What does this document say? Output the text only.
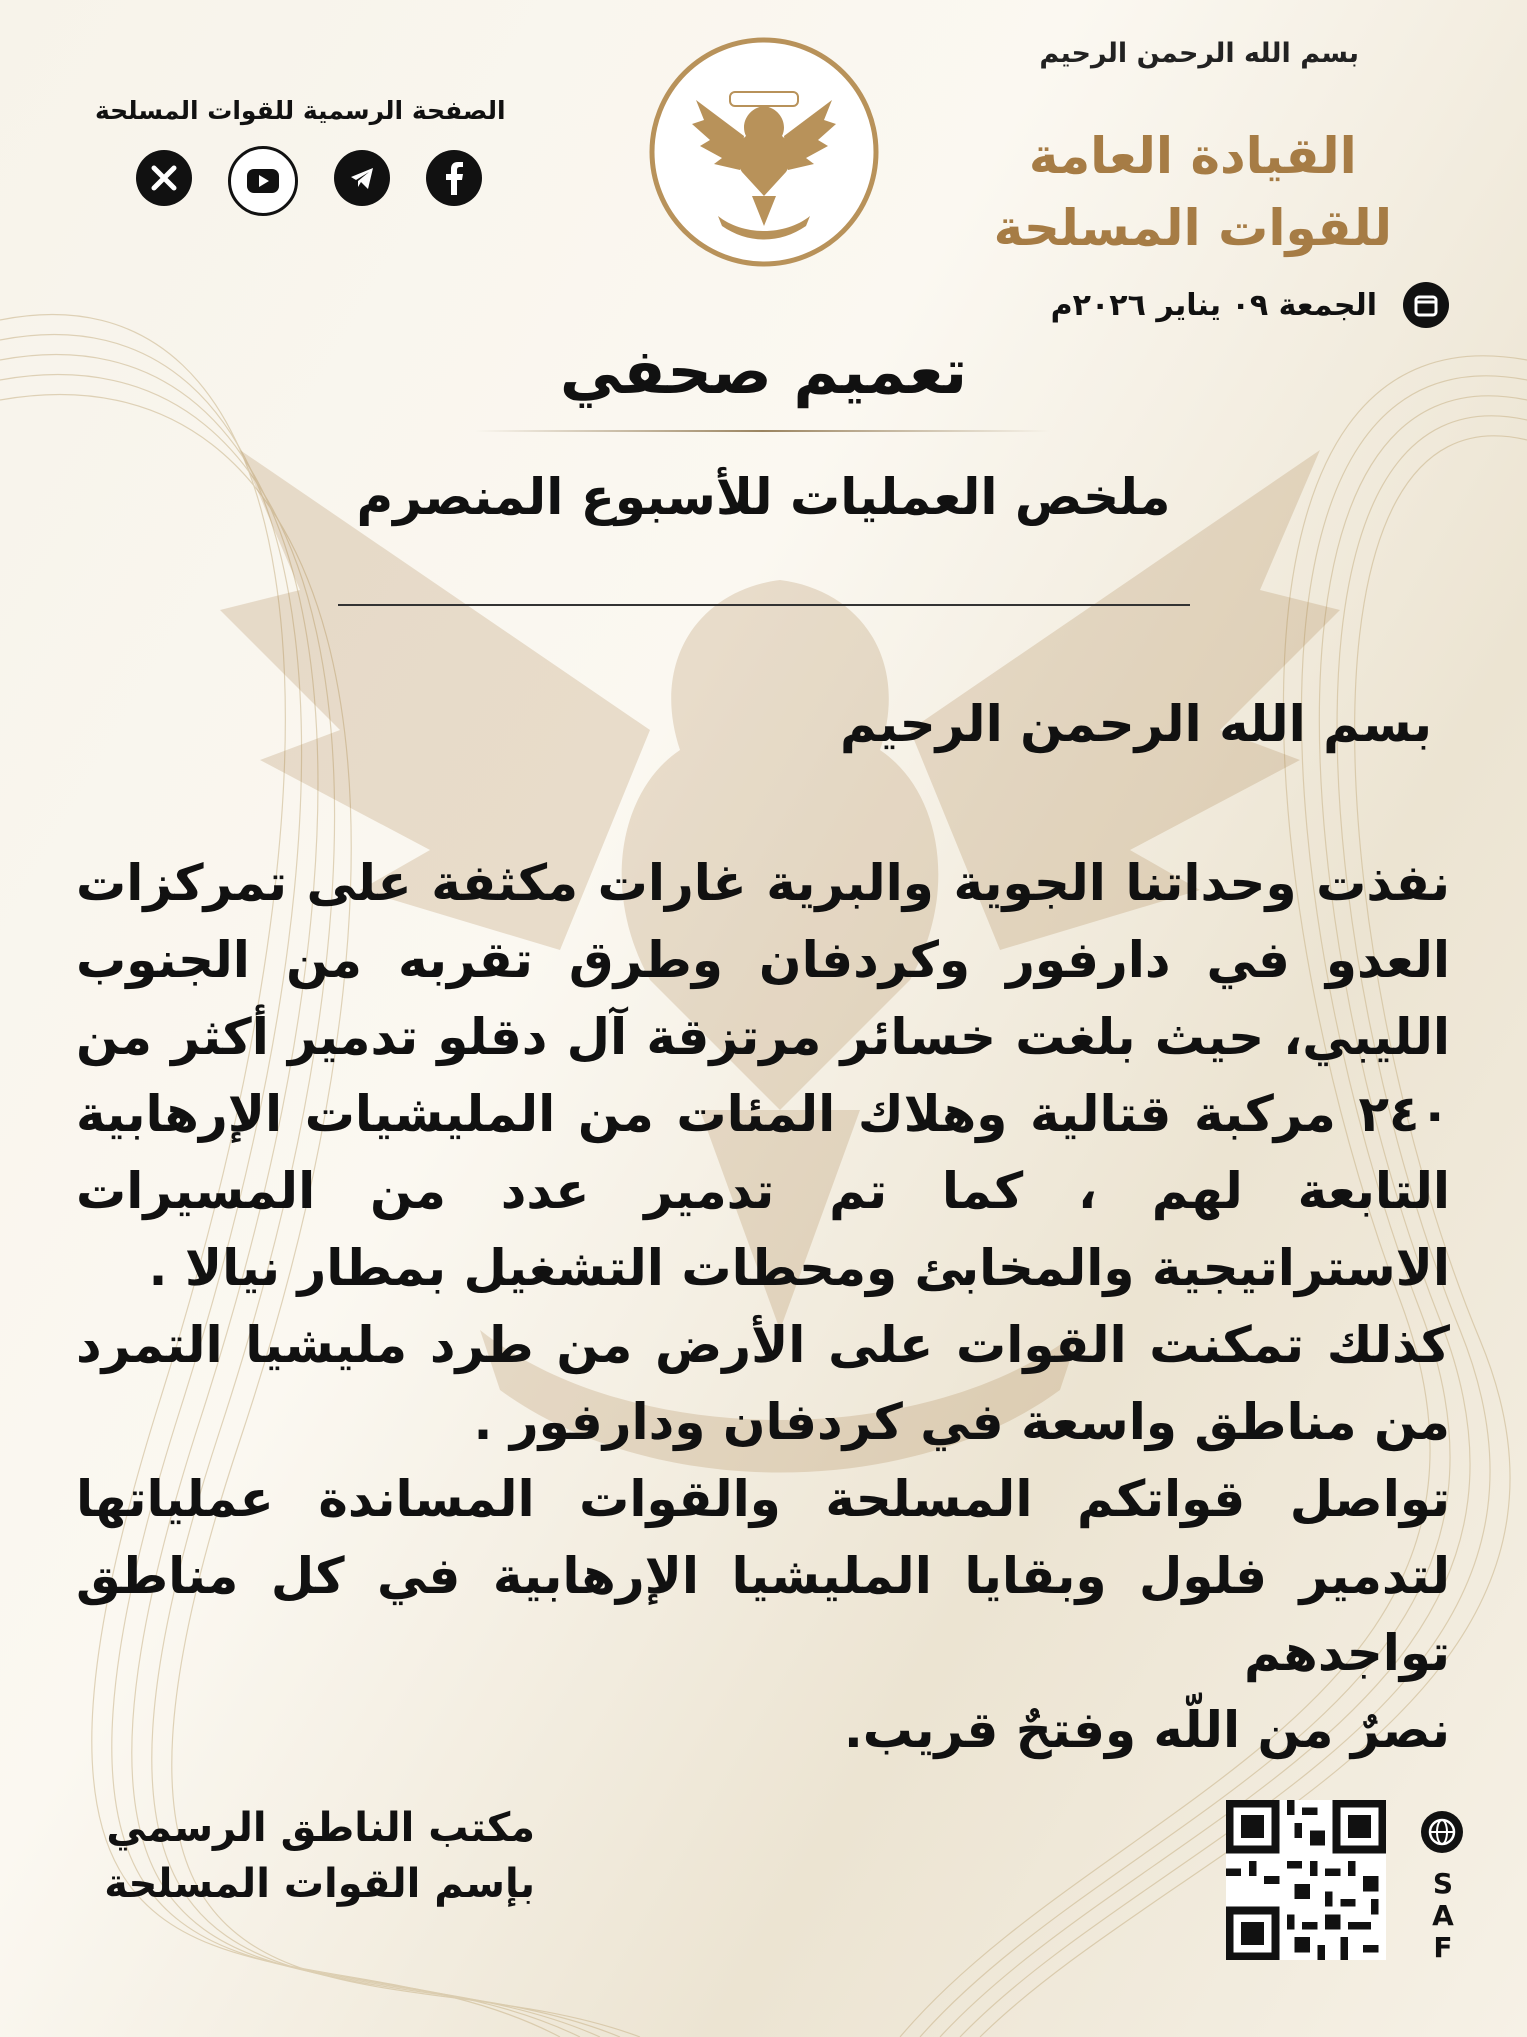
بسم الله الرحمن الرحيم
القيادة العامة
للقوات المسلحة
الجمعة ٠٩ يناير ٢٠٢٦م
الصفحة الرسمية للقوات المسلحة
تعميم صحفي
ملخص العمليات للأسبوع المنصرم
بسم الله الرحمن الرحيم

نفذت وحداتنا الجوية والبرية غارات مكثفة على تمركزات العدو في دارفور وكردفان وطرق تقربه من الجنوب الليبي، حيث بلغت خسائر مرتزقة آل دقلو تدمير أكثر من ٢٤٠ مركبة قتالية وهلاك المئات من المليشيات الإرهابية التابعة لهم ، كما تم تدمير عدد من المسيرات الاستراتيجية والمخابئ ومحطات التشغيل بمطار نيالا .

كذلك تمكنت القوات على الأرض من طرد مليشيا التمرد من مناطق واسعة في كردفان ودارفور .

تواصل قواتكم المسلحة والقوات المساندة عملياتها لتدمير فلول وبقايا المليشيا الإرهابية في كل مناطق تواجدهم

نصرٌ من اللّه وفتحٌ قريب.

مكتب الناطق الرسمي
بإسم القوات المسلحة	S
A
F
